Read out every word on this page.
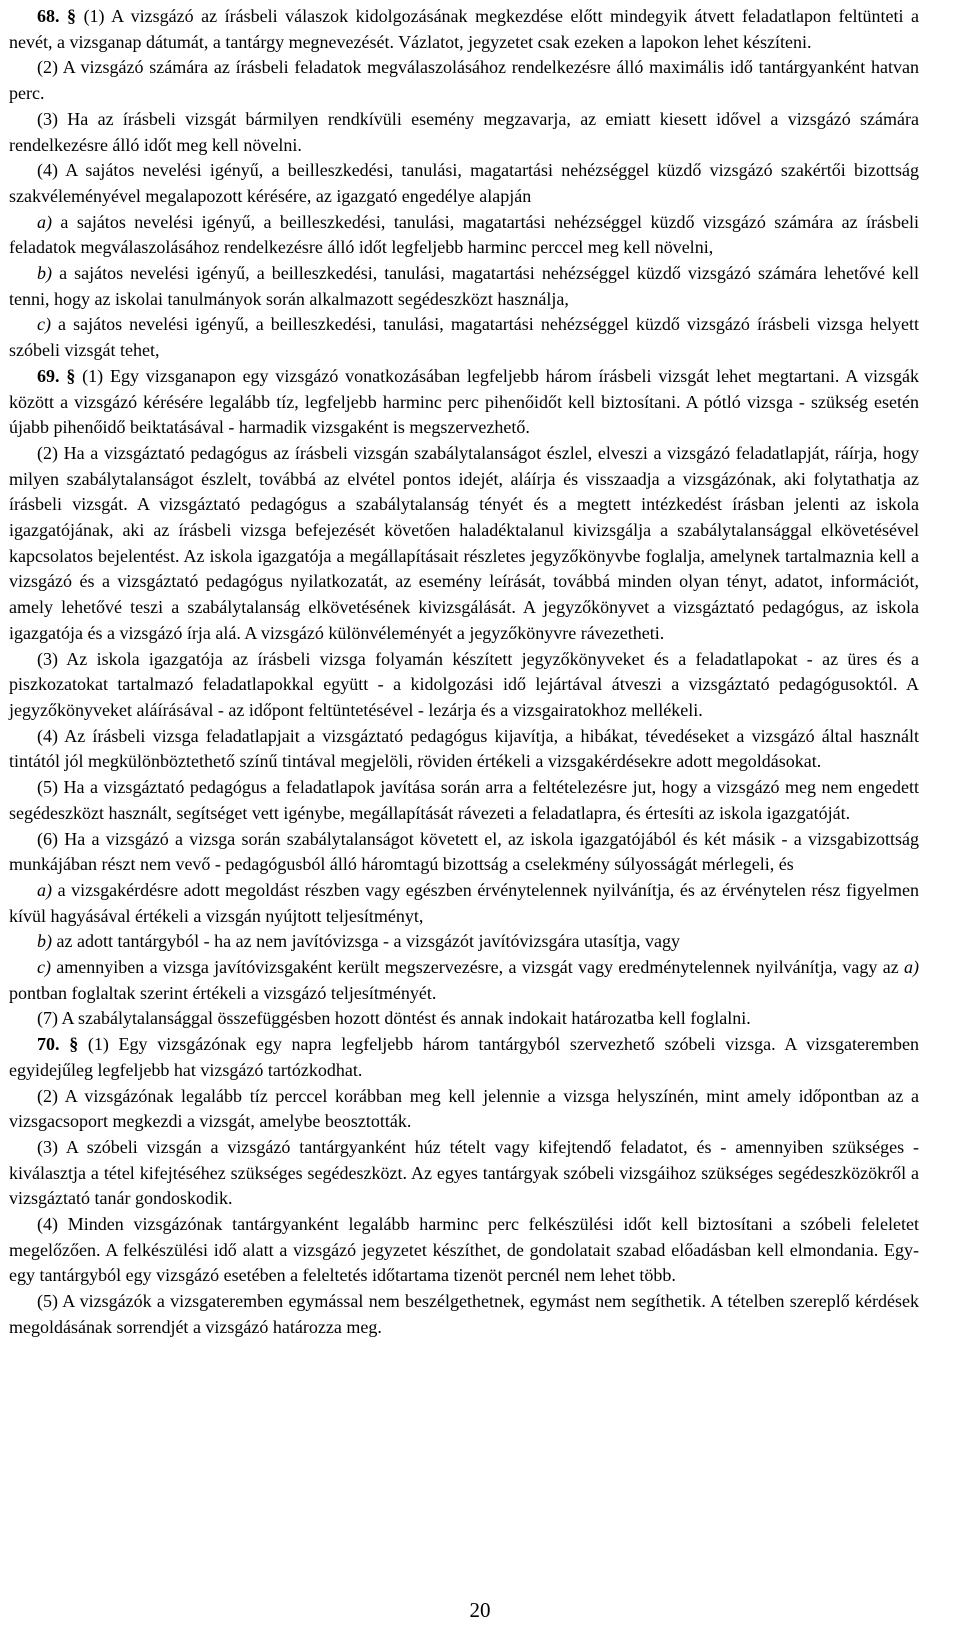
68. § (1) A vizsgázó az írásbeli válaszok kidolgozásának megkezdése előtt mindegyik átvett feladatlapon feltünteti a nevét, a vizsganap dátumát, a tantárgy megnevezését. Vázlatot, jegyzetet csak ezeken a lapokon lehet készíteni.

(2) A vizsgázó számára az írásbeli feladatok megválaszolásához rendelkezésre álló maximális idő tantárgyanként hatvan perc.

(3) Ha az írásbeli vizsgát bármilyen rendkívüli esemény megzavarja, az emiatt kiesett idővel a vizsgázó számára rendelkezésre álló időt meg kell növelni.

(4) A sajátos nevelési igényű, a beilleszkedési, tanulási, magatartási nehézséggel küzdő vizsgázó szakértői bizottság szakvéleményével megalapozott kérésére, az igazgató engedélye alapján

a) a sajátos nevelési igényű, a beilleszkedési, tanulási, magatartási nehézséggel küzdő vizsgázó számára az írásbeli feladatok megválaszolásához rendelkezésre álló időt legfeljebb harminc perccel meg kell növelni,

b) a sajátos nevelési igényű, a beilleszkedési, tanulási, magatartási nehézséggel küzdő vizsgázó számára lehetővé kell tenni, hogy az iskolai tanulmányok során alkalmazott segédeszközt használja,

c) a sajátos nevelési igényű, a beilleszkedési, tanulási, magatartási nehézséggel küzdő vizsgázó írásbeli vizsga helyett szóbeli vizsgát tehet,

69. § (1) Egy vizsganapon egy vizsgázó vonatkozásában legfeljebb három írásbeli vizsgát lehet megtartani. A vizsgák között a vizsgázó kérésére legalább tíz, legfeljebb harminc perc pihenőidőt kell biztosítani. A pótló vizsga - szükség esetén újabb pihenőidő beiktatásával - harmadik vizsgaként is megszervezhető.

(2) Ha a vizsgáztató pedagógus az írásbeli vizsgán szabálytalanságot észlel, elveszi a vizsgázó feladatlapját, ráírja, hogy milyen szabálytalanságot észlelt, továbbá az elvétel pontos idejét, aláírja és visszaadja a vizsgázónak, aki folytathatja az írásbeli vizsgát. A vizsgáztató pedagógus a szabálytalanság tényét és a megtett intézkedést írásban jelenti az iskola igazgatójának, aki az írásbeli vizsga befejezését követően haladéktalanul kivizsgálja a szabálytalansággal elkövetésével kapcsolatos bejelentést. Az iskola igazgatója a megállapításait részletes jegyzőkönyvbe foglalja, amelynek tartalmaznia kell a vizsgázó és a vizsgáztató pedagógus nyilatkozatát, az esemény leírását, továbbá minden olyan tényt, adatot, információt, amely lehetővé teszi a szabálytalanság elkövetésének kivizsgálását. A jegyzőkönyvet a vizsgáztató pedagógus, az iskola igazgatója és a vizsgázó írja alá. A vizsgázó különvéleményét a jegyzőkönyvre rávezetheti.

(3) Az iskola igazgatója az írásbeli vizsga folyamán készített jegyzőkönyveket és a feladatlapokat - az üres és a piszkozatokat tartalmazó feladatlapokkal együtt - a kidolgozási idő lejártával átveszi a vizsgáztató pedagógusoktól. A jegyzőkönyveket aláírásával - az időpont feltüntetésével - lezárja és a vizsgairatokhoz mellékeli.

(4) Az írásbeli vizsga feladatlapjait a vizsgáztató pedagógus kijavítja, a hibákat, tévedéseket a vizsgázó által használt tintától jól megkülönböztethető színű tintával megjelöli, röviden értékeli a vizsgakérdésekre adott megoldásokat.

(5) Ha a vizsgáztató pedagógus a feladatlapok javítása során arra a feltételezésre jut, hogy a vizsgázó meg nem engedett segédeszközt használt, segítséget vett igénybe, megállapítását rávezeti a feladatlapra, és értesíti az iskola igazgatóját.

(6) Ha a vizsgázó a vizsga során szabálytalanságot követett el, az iskola igazgatójából és két másik - a vizsgabizottság munkájában részt nem vevő - pedagógusból álló háromtagú bizottság a cselekmény súlyosságát mérlegeli, és

a) a vizsgakérdésre adott megoldást részben vagy egészben érvénytelennek nyilvánítja, és az érvénytelen rész figyelmen kívül hagyásával értékeli a vizsgán nyújtott teljesítményt,

b) az adott tantárgyból - ha az nem javítóvizsga - a vizsgázót javítóvizsgára utasítja, vagy

c) amennyiben a vizsga javítóvizsgaként került megszervezésre, a vizsgát vagy eredménytelennek nyilvánítja, vagy az a) pontban foglaltak szerint értékeli a vizsgázó teljesítményét.

(7) A szabálytalansággal összefüggésben hozott döntést és annak indokait határozatba kell foglalni.

70. § (1) Egy vizsgázónak egy napra legfeljebb három tantárgyból szervezhető szóbeli vizsga. A vizsgateremben egyidejűleg legfeljebb hat vizsgázó tartózkodhat.

(2) A vizsgázónak legalább tíz perccel korábban meg kell jelennie a vizsga helyszínén, mint amely időpontban az a vizsgacsoport megkezdi a vizsgát, amelybe beosztották.

(3) A szóbeli vizsgán a vizsgázó tantárgyanként húz tételt vagy kifejtendő feladatot, és - amennyiben szükséges - kiválasztja a tétel kifejtéséhez szükséges segédeszközt. Az egyes tantárgyak szóbeli vizsgáihoz szükséges segédeszközökről a vizsgáztató tanár gondoskodik.

(4) Minden vizsgázónak tantárgyanként legalább harminc perc felkészülési időt kell biztosítani a szóbeli feleletet megelőzően. A felkészülési idő alatt a vizsgázó jegyzetet készíthet, de gondolatait szabad előadásban kell elmondania. Egy-egy tantárgyból egy vizsgázó esetében a feleltetés időtartama tizenöt percnél nem lehet több.

(5) A vizsgázók a vizsgateremben egymással nem beszélgethetnek, egymást nem segíthetik. A tételben szereplő kérdések megoldásának sorrendjét a vizsgázó határozza meg.

20
